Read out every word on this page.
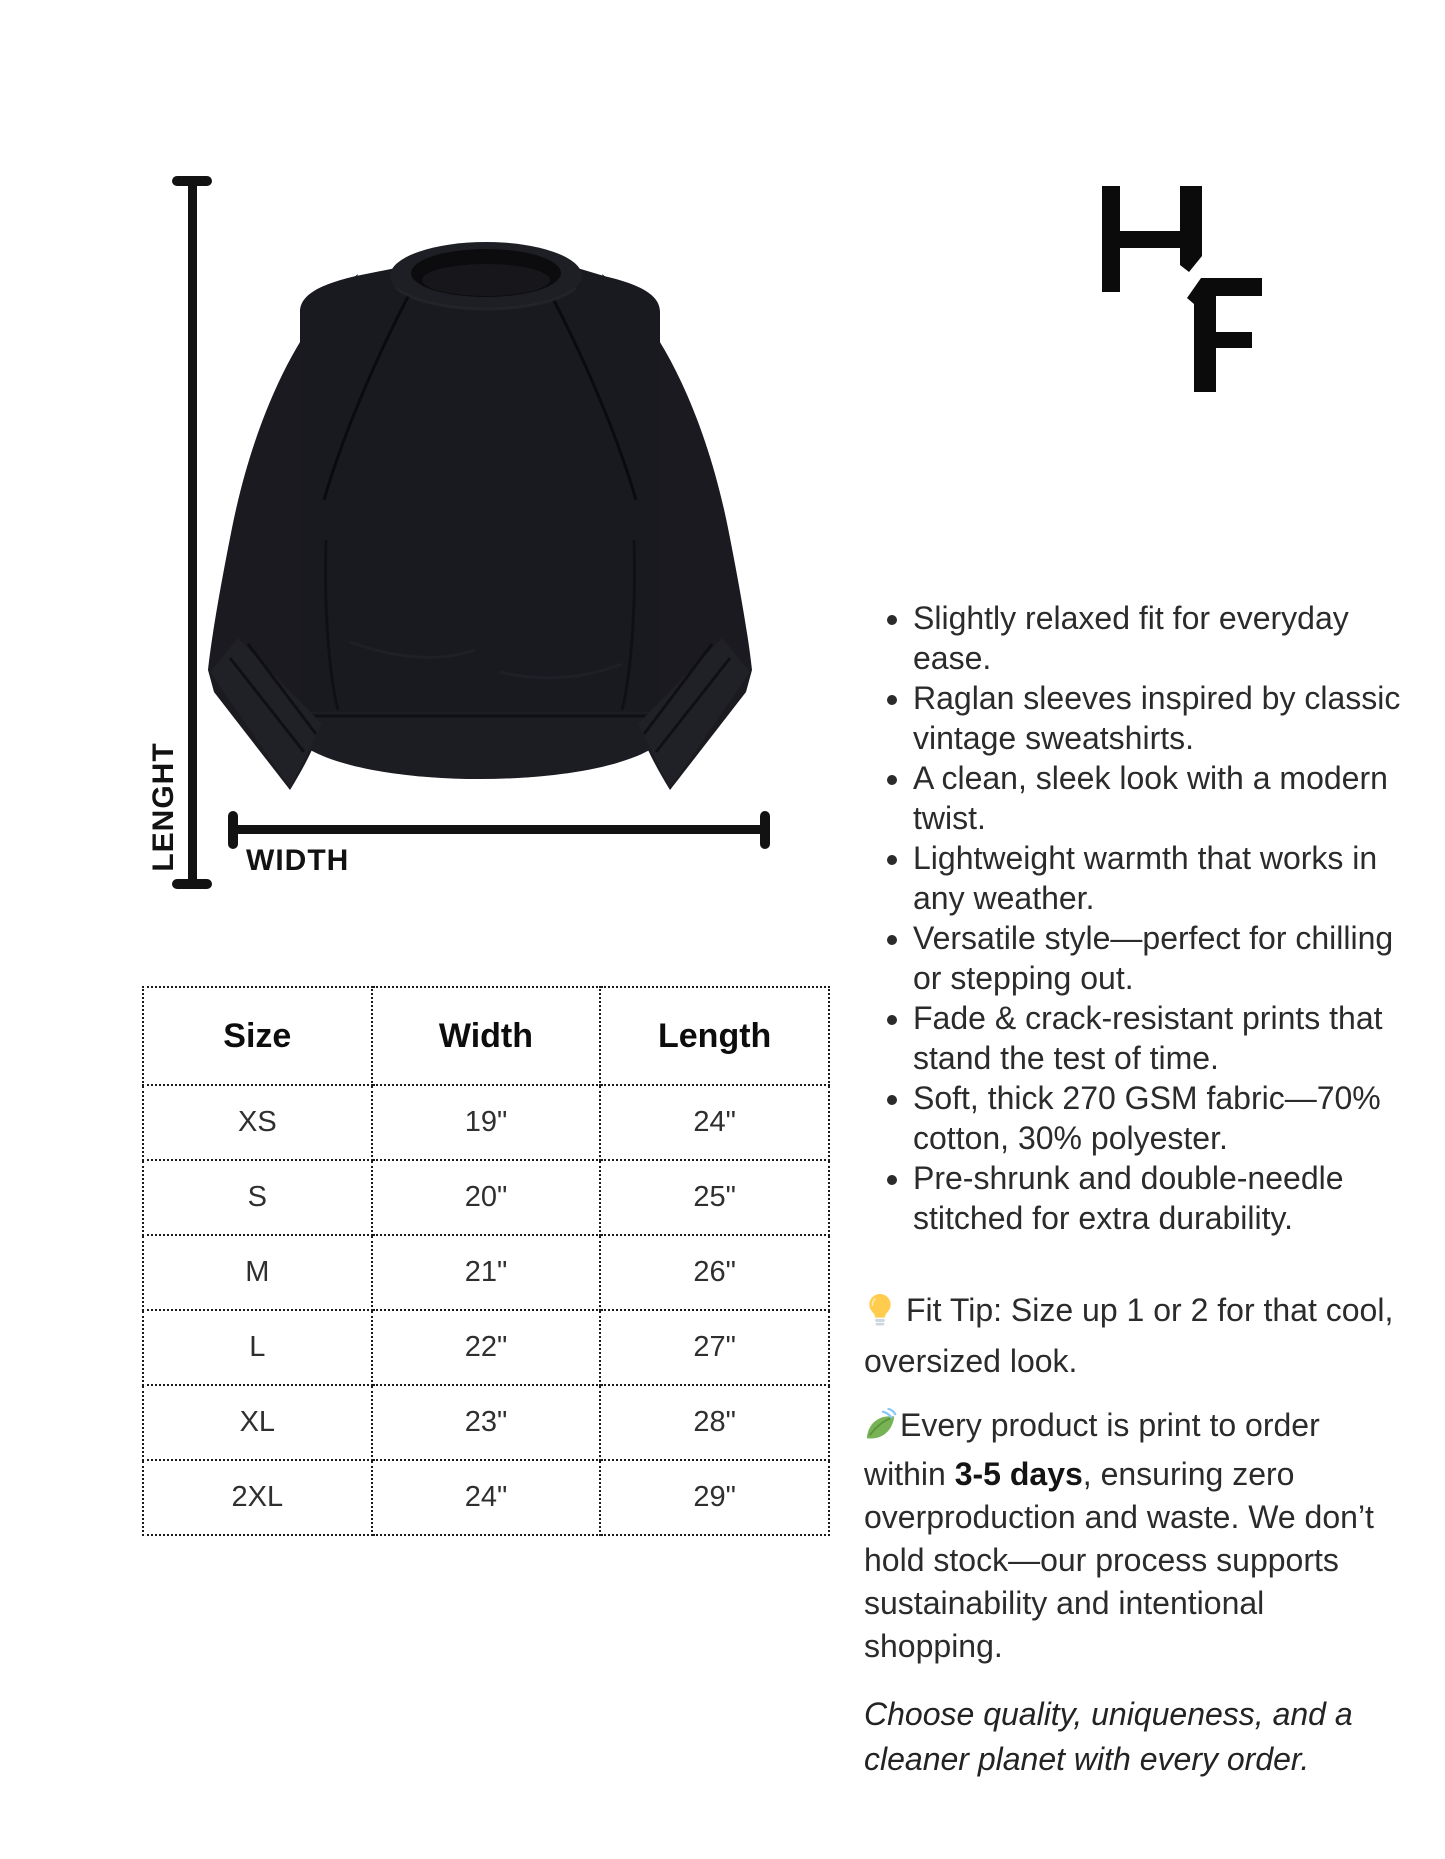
LENGHT WIDTH
Size	Width	Length
XS	19"	24"
S	20"	25"
M	21"	26"
L	22"	27"
XL	23"	28"
2XL	24"	29"
• Slightly relaxed fit for everyday ease.
• Raglan sleeves inspired by classic vintage sweatshirts.
• A clean, sleek look with a modern twist.
• Lightweight warmth that works in any weather.
• Versatile style—perfect for chilling or stepping out.
• Fade & crack-resistant prints that stand the test of time.
• Soft, thick 270 GSM fabric—70% cotton, 30% polyester.
• Pre-shrunk and double-needle stitched for extra durability.

Fit Tip: Size up 1 or 2 for that cool, oversized look.

Every product is print to order within 3-5 days, ensuring zero overproduction and waste. We don’t hold stock—our process supports sustainability and intentional shopping.

Choose quality, uniqueness, and a cleaner planet with every order.
